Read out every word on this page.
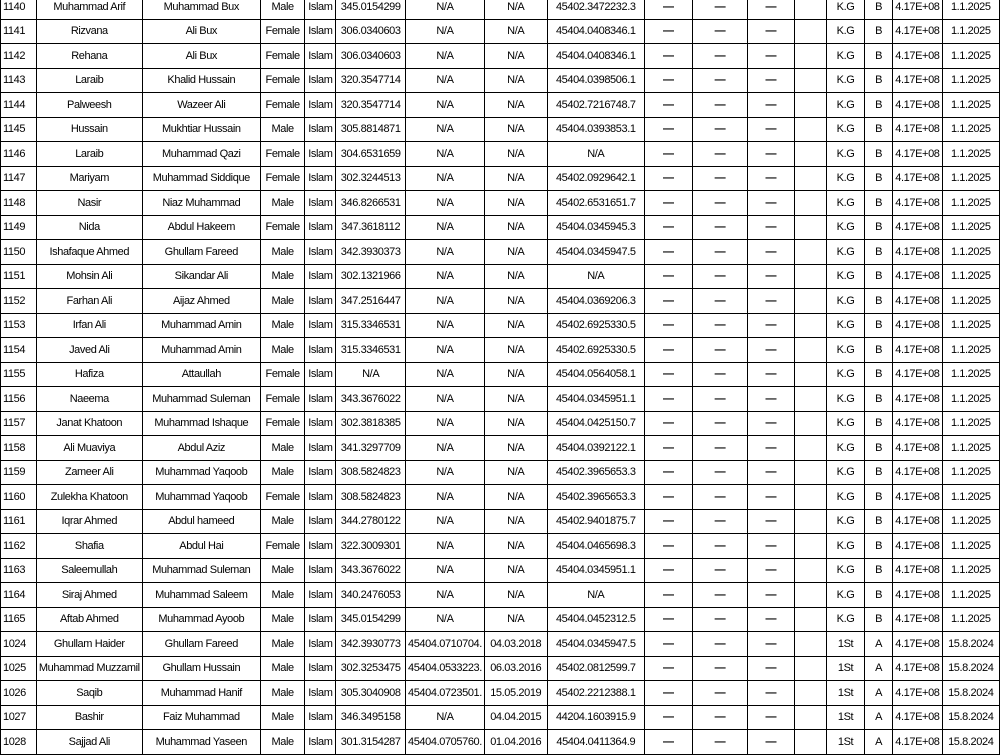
1140	Muhammad Arif	Muhammad Bux	Male	Islam	345.0154299	N/A	N/A	45402.3472232.3	—	—	—		K.G	B	4.17E+08	1.1.2025
1141	Rizvana	Ali Bux	Female	Islam	306.0340603	N/A	N/A	45404.0408346.1	—	—	—		K.G	B	4.17E+08	1.1.2025
1142	Rehana	Ali Bux	Female	Islam	306.0340603	N/A	N/A	45404.0408346.1	—	—	—		K.G	B	4.17E+08	1.1.2025
1143	Laraib	Khalid Hussain	Female	Islam	320.3547714	N/A	N/A	45404.0398506.1	—	—	—		K.G	B	4.17E+08	1.1.2025
1144	Palweesh	Wazeer Ali	Female	Islam	320.3547714	N/A	N/A	45402.7216748.7	—	—	—		K.G	B	4.17E+08	1.1.2025
1145	Hussain	Mukhtiar Hussain	Male	Islam	305.8814871	N/A	N/A	45404.0393853.1	—	—	—		K.G	B	4.17E+08	1.1.2025
1146	Laraib	Muhammad Qazi	Female	Islam	304.6531659	N/A	N/A	N/A	—	—	—		K.G	B	4.17E+08	1.1.2025
1147	Mariyam	Muhammad Siddique	Female	Islam	302.3244513	N/A	N/A	45402.0929642.1	—	—	—		K.G	B	4.17E+08	1.1.2025
1148	Nasir	Niaz Muhammad	Male	Islam	346.8266531	N/A	N/A	45402.6531651.7	—	—	—		K.G	B	4.17E+08	1.1.2025
1149	Nida	Abdul Hakeem	Female	Islam	347.3618112	N/A	N/A	45404.0345945.3	—	—	—		K.G	B	4.17E+08	1.1.2025
1150	Ishafaque Ahmed	Ghullam Fareed	Male	Islam	342.3930373	N/A	N/A	45404.0345947.5	—	—	—		K.G	B	4.17E+08	1.1.2025
1151	Mohsin Ali	Sikandar Ali	Male	Islam	302.1321966	N/A	N/A	N/A	—	—	—		K.G	B	4.17E+08	1.1.2025
1152	Farhan Ali	Aijaz Ahmed	Male	Islam	347.2516447	N/A	N/A	45404.0369206.3	—	—	—		K.G	B	4.17E+08	1.1.2025
1153	Irfan Ali	Muhammad Amin	Male	Islam	315.3346531	N/A	N/A	45402.6925330.5	—	—	—		K.G	B	4.17E+08	1.1.2025
1154	Javed Ali	Muhammad Amin	Male	Islam	315.3346531	N/A	N/A	45402.6925330.5	—	—	—		K.G	B	4.17E+08	1.1.2025
1155	Hafiza	Attaullah	Female	Islam	N/A	N/A	N/A	45404.0564058.1	—	—	—		K.G	B	4.17E+08	1.1.2025
1156	Naeema	Muhammad Suleman	Female	Islam	343.3676022	N/A	N/A	45404.0345951.1	—	—	—		K.G	B	4.17E+08	1.1.2025
1157	Janat Khatoon	Muhammad Ishaque	Female	Islam	302.3818385	N/A	N/A	45404.0425150.7	—	—	—		K.G	B	4.17E+08	1.1.2025
1158	Ali Muaviya	Abdul Aziz	Male	Islam	341.3297709	N/A	N/A	45404.0392122.1	—	—	—		K.G	B	4.17E+08	1.1.2025
1159	Zameer Ali	Muhammad Yaqoob	Male	Islam	308.5824823	N/A	N/A	45402.3965653.3	—	—	—		K.G	B	4.17E+08	1.1.2025
1160	Zulekha Khatoon	Muhammad Yaqoob	Female	Islam	308.5824823	N/A	N/A	45402.3965653.3	—	—	—		K.G	B	4.17E+08	1.1.2025
1161	Iqrar Ahmed	Abdul hameed	Male	Islam	344.2780122	N/A	N/A	45402.9401875.7	—	—	—		K.G	B	4.17E+08	1.1.2025
1162	Shafia	Abdul Hai	Female	Islam	322.3009301	N/A	N/A	45404.0465698.3	—	—	—		K.G	B	4.17E+08	1.1.2025
1163	Saleemullah	Muhammad Suleman	Male	Islam	343.3676022	N/A	N/A	45404.0345951.1	—	—	—		K.G	B	4.17E+08	1.1.2025
1164	Siraj Ahmed	Muhammad Saleem	Male	Islam	340.2476053	N/A	N/A	N/A	—	—	—		K.G	B	4.17E+08	1.1.2025
1165	Aftab Ahmed	Muhammad Ayoob	Male	Islam	345.0154299	N/A	N/A	45404.0452312.5	—	—	—		K.G	B	4.17E+08	1.1.2025
1024	Ghullam Haider	Ghullam Fareed	Male	Islam	342.3930773	45404.0710704.	04.03.2018	45404.0345947.5	—	—	—		1St	A	4.17E+08	15.8.2024
1025	Muhammad Muzzamil	Ghullam Hussain	Male	Islam	302.3253475	45404.0533223.	06.03.2016	45402.0812599.7	—	—	—		1St	A	4.17E+08	15.8.2024
1026	Saqib	Muhammad Hanif	Male	Islam	305.3040908	45404.0723501.	15.05.2019	45402.2212388.1	—	—	—		1St	A	4.17E+08	15.8.2024
1027	Bashir	Faiz Muhammad	Male	Islam	346.3495158	N/A	04.04.2015	44204.1603915.9	—	—	—		1St	A	4.17E+08	15.8.2024
1028	Sajjad Ali	Muhammad Yaseen	Male	Islam	301.3154287	45404.0705760.	01.04.2016	45404.0411364.9	—	—	—		1St	A	4.17E+08	15.8.2024
